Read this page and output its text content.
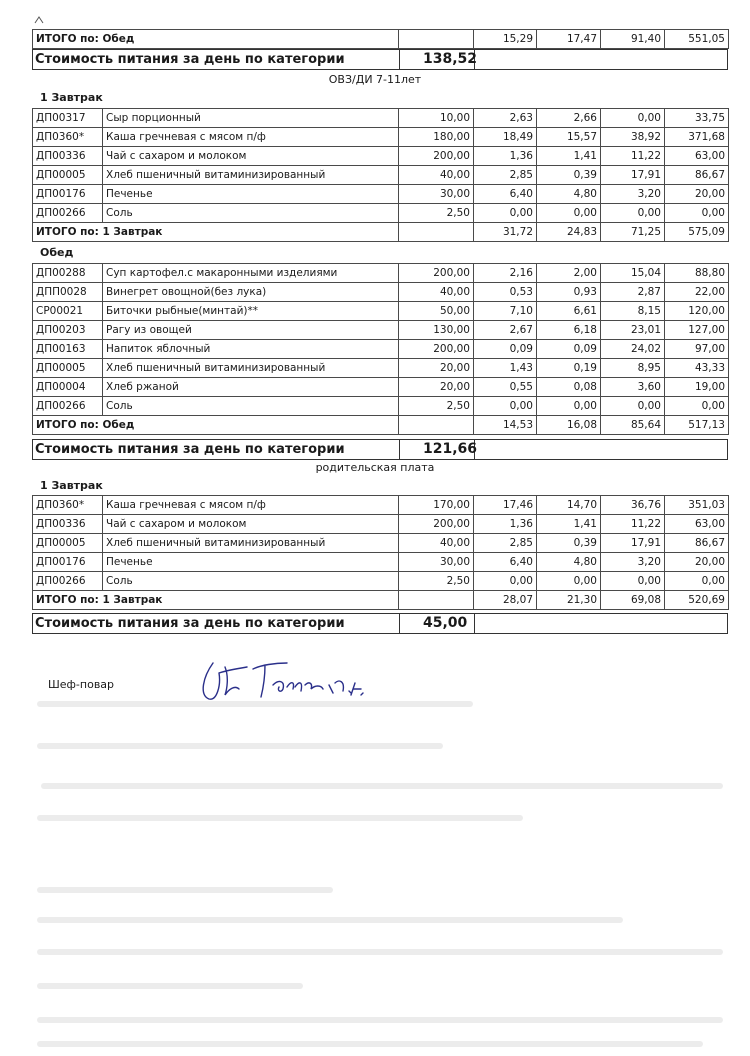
ИТОГО по: Обед		15,29	17,47	91,40	551,05
Стоимость питания за день по категории	138,52
ОВЗ/ДИ 7-11лет
1 Завтрак
ДП00317	Сыр порционный	10,00	2,63	2,66	0,00	33,75
ДП0360*	Каша гречневая с мясом п/ф	180,00	18,49	15,57	38,92	371,68
ДП00336	Чай с сахаром и молоком	200,00	1,36	1,41	11,22	63,00
ДП00005	Хлеб пшеничный витаминизированный	40,00	2,85	0,39	17,91	86,67
ДП00176	Печенье	30,00	6,40	4,80	3,20	20,00
ДП00266	Соль	2,50	0,00	0,00	0,00	0,00
ИТОГО по: 1 Завтрак			31,72	24,83	71,25	575,09
Обед
ДП00288	Суп картофел.с макаронными изделиями	200,00	2,16	2,00	15,04	88,80
ДПП0028	Винегрет овощной(без лука)	40,00	0,53	0,93	2,87	22,00
СР00021	Биточки рыбные(минтай)**	50,00	7,10	6,61	8,15	120,00
ДП00203	Рагу из овощей	130,00	2,67	6,18	23,01	127,00
ДП00163	Напиток яблочный	200,00	0,09	0,09	24,02	97,00
ДП00005	Хлеб пшеничный витаминизированный	20,00	1,43	0,19	8,95	43,33
ДП00004	Хлеб ржаной	20,00	0,55	0,08	3,60	19,00
ДП00266	Соль	2,50	0,00	0,00	0,00	0,00
ИТОГО по: Обед			14,53	16,08	85,64	517,13
Стоимость питания за день по категории	121,66
родительская плата
1 Завтрак
ДП0360*	Каша гречневая с мясом п/ф	170,00	17,46	14,70	36,76	351,03
ДП00336	Чай с сахаром и молоком	200,00	1,36	1,41	11,22	63,00
ДП00005	Хлеб пшеничный витаминизированный	40,00	2,85	0,39	17,91	86,67
ДП00176	Печенье	30,00	6,40	4,80	3,20	20,00
ДП00266	Соль	2,50	0,00	0,00	0,00	0,00
ИТОГО по: 1 Завтрак			28,07	21,30	69,08	520,69
Стоимость питания за день по категории	45,00
Шеф-повар
